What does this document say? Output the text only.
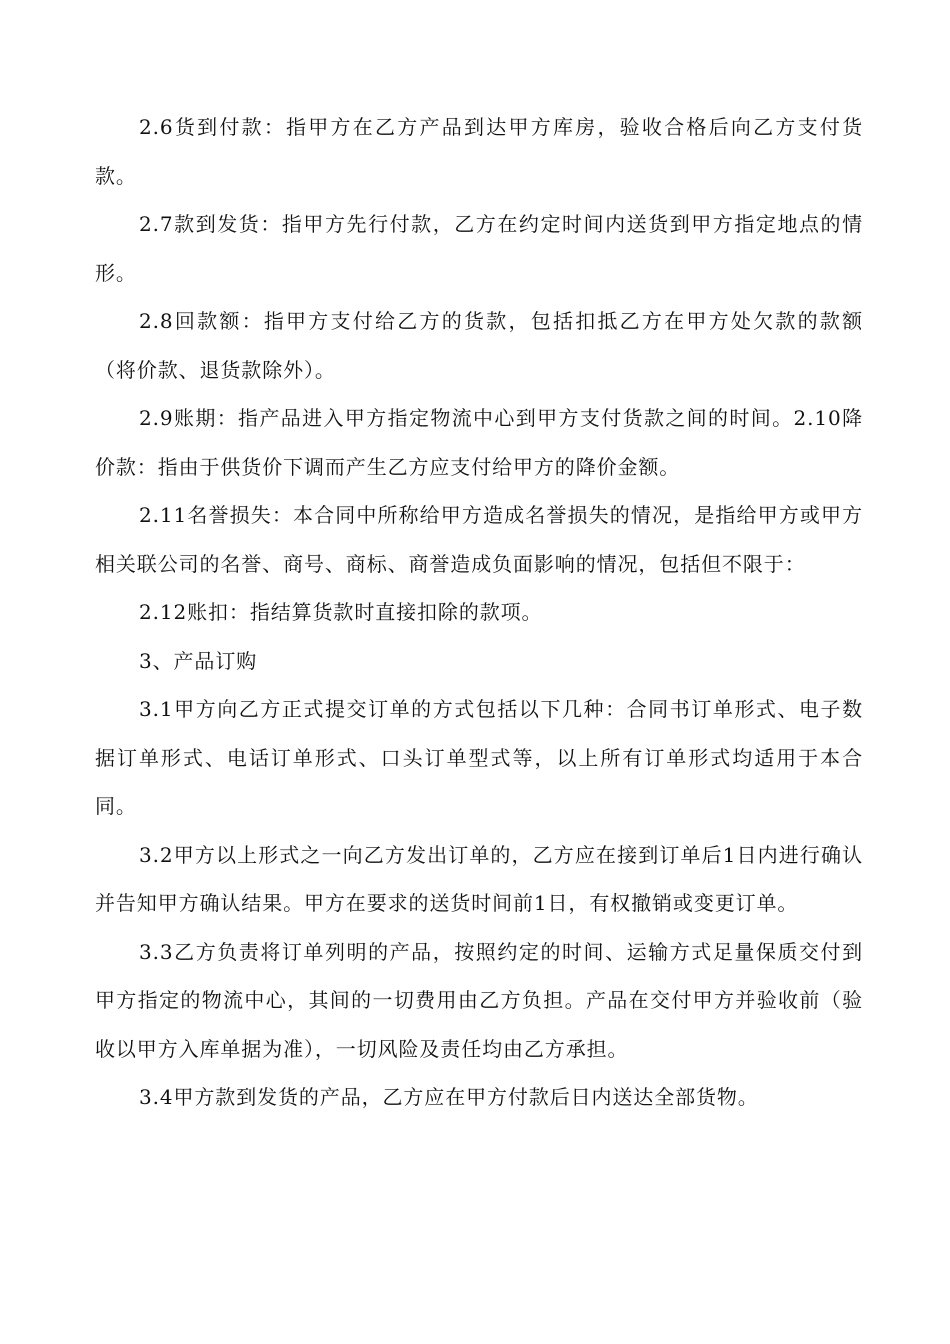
2.6货到付款：指甲方在乙方产品到达甲方库房，验收合格后向乙方支付货款。

2.7款到发货：指甲方先行付款，乙方在约定时间内送货到甲方指定地点的情形。

2.8回款额：指甲方支付给乙方的货款，包括扣抵乙方在甲方处欠款的款额（将价款、退货款除外）。

2.9账期：指产品进入甲方指定物流中心到甲方支付货款之间的时间。2.10降价款：指由于供货价下调而产生乙方应支付给甲方的降价金额。

2.11名誉损失：本合同中所称给甲方造成名誉损失的情况，是指给甲方或甲方相关联公司的名誉、商号、商标、商誉造成负面影响的情况，包括但不限于：

2.12账扣：指结算货款时直接扣除的款项。

3、产品订购

3.1甲方向乙方正式提交订单的方式包括以下几种：合同书订单形式、电子数据订单形式、电话订单形式、口头订单型式等，以上所有订单形式均适用于本合同。

3.2甲方以上形式之一向乙方发出订单的，乙方应在接到订单后1日内进行确认并告知甲方确认结果。甲方在要求的送货时间前1日，有权撤销或变更订单。

3.3乙方负责将订单列明的产品，按照约定的时间、运输方式足量保质交付到甲方指定的物流中心，其间的一切费用由乙方负担。产品在交付甲方并验收前（验收以甲方入库单据为准），一切风险及责任均由乙方承担。

3.4甲方款到发货的产品，乙方应在甲方付款后日内送达全部货物。
